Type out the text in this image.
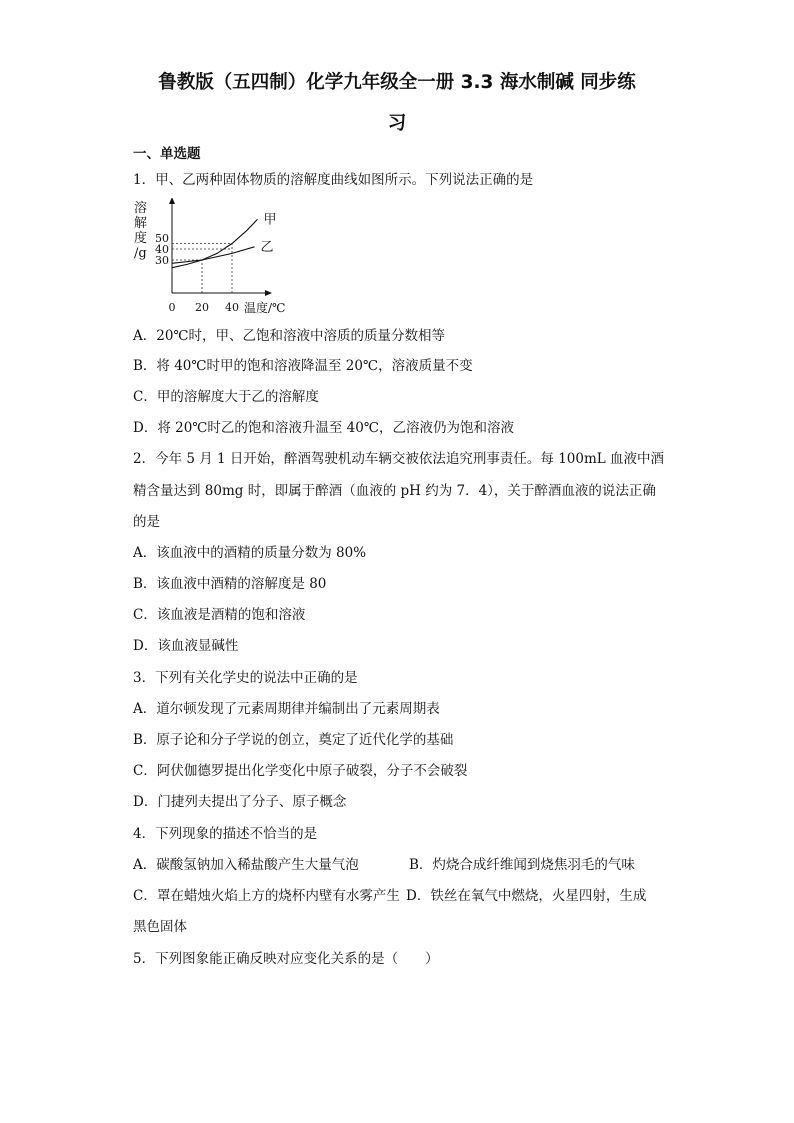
鲁教版（五四制）化学九年级全一册 3.3 海水制碱 同步练
习
一、单选题
1．甲、乙两种固体物质的溶解度曲线如图所示。下列说法正确的是
溶
解
度
/g
50
40
30
0 20 40 温度/℃
甲
乙
A．20℃时，甲、乙饱和溶液中溶质的质量分数相等
B．将 40℃时甲的饱和溶液降温至 20℃，溶液质量不变
C．甲的溶解度大于乙的溶解度
D．将 20℃时乙的饱和溶液升温至 40℃，乙溶液仍为饱和溶液
2．今年 5 月 1 日开始，醉酒驾驶机动车辆交被依法追究刑事责任。每 100mL 血液中酒
精含量达到 80mg 时，即属于醉酒（血液的 pH 约为 7．4），关于醉酒血液的说法正确
的是
A．该血液中的酒精的质量分数为 80%
B．该血液中酒精的溶解度是 80
C．该血液是酒精的饱和溶液
D．该血液显碱性
3．下列有关化学史的说法中正确的是
A．道尔顿发现了元素周期律并编制出了元素周期表
B．原子论和分子学说的创立，奠定了近代化学的基础
C．阿伏伽德罗提出化学变化中原子破裂，分子不会破裂
D．门捷列夫提出了分子、原子概念
4．下列现象的描述不恰当的是
A．碳酸氢钠加入稀盐酸产生大量气泡	B．灼烧合成纤维闻到烧焦羽毛的气味
C．罩在蜡烛火焰上方的烧杯内壁有水雾产生 D．铁丝在氧气中燃烧，火星四射，生成
黑色固体
5．下列图象能正确反映对应变化关系的是（　　）
